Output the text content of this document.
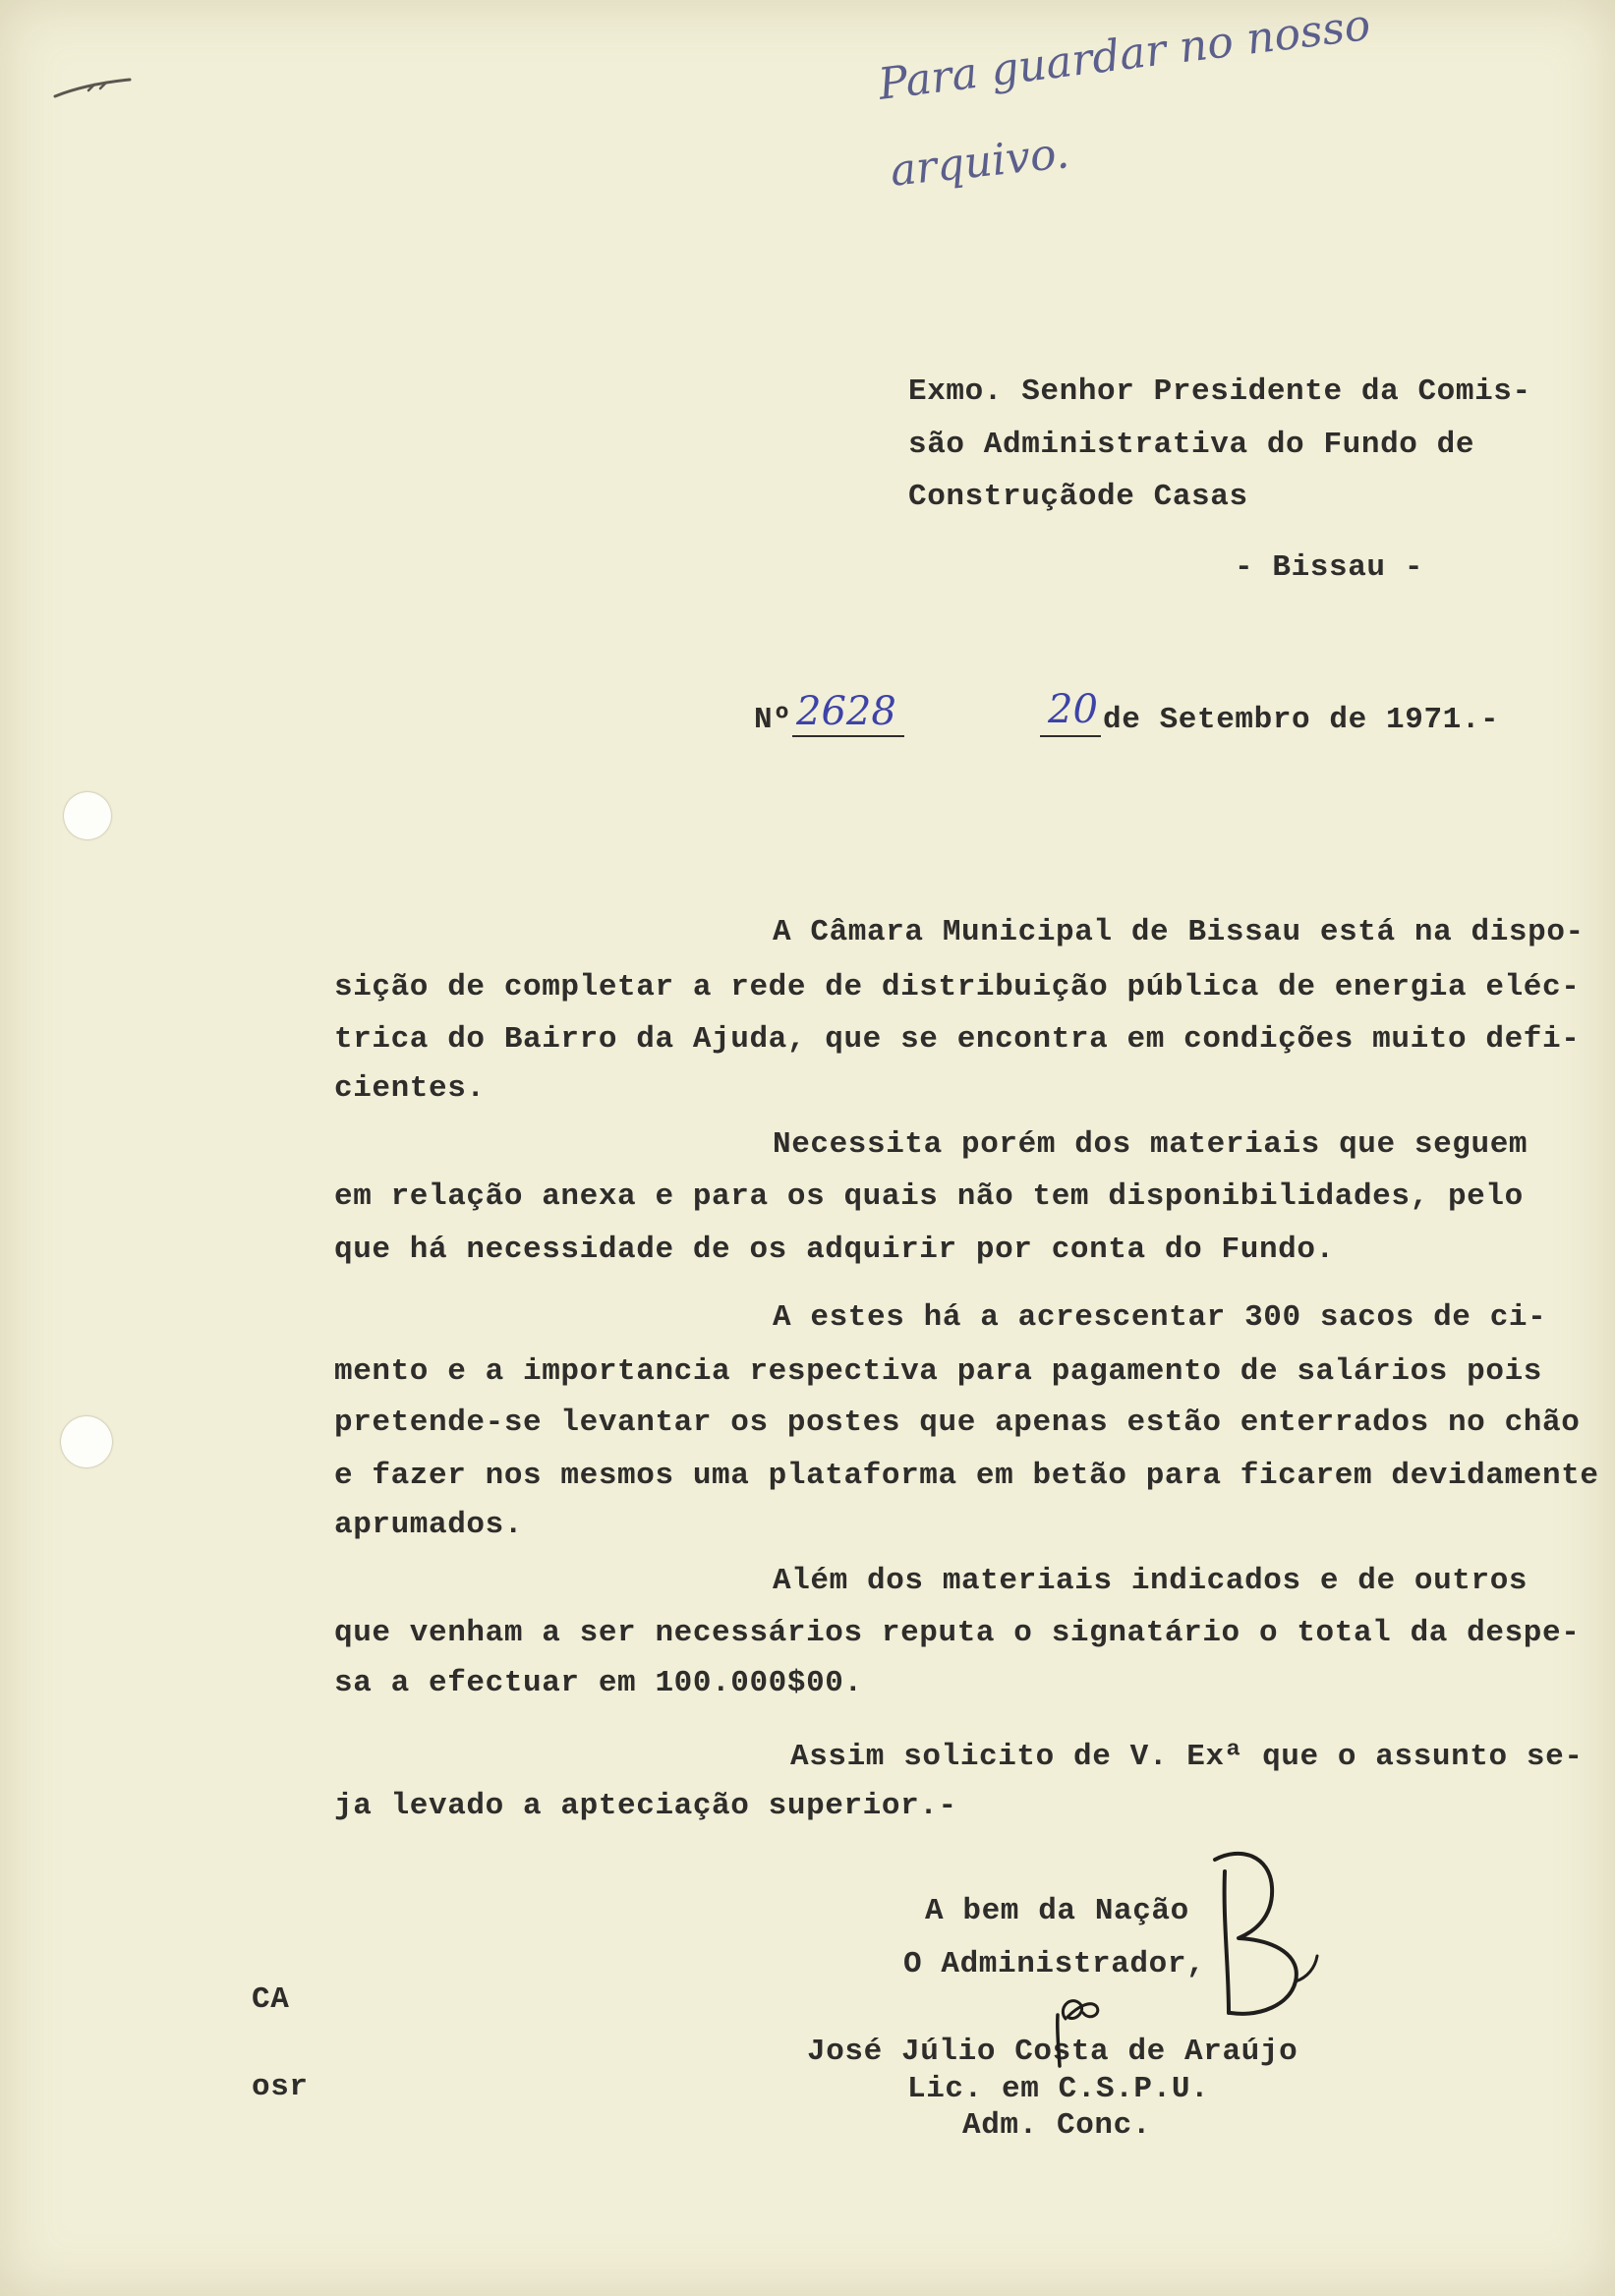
Para guardar no nosso
arquivo.
Exmo. Senhor Presidente da Comis-
são Administrativa do Fundo de
Construçãode Casas
- Bissau -
Nº 2628	20 de Setembro de 1971.-
A Câmara Municipal de Bissau está na dispo-
sição de completar a rede de distribuição pública de energia eléc-
trica do Bairro da Ajuda, que se encontra em condições muito defi-
cientes.
Necessita porém dos materiais que seguem
em relação anexa e para os quais não tem disponibilidades, pelo
que há necessidade de os adquirir por conta do Fundo.
A estes há a acrescentar 300 sacos de ci-
mento e a importancia respectiva para pagamento de salários pois
pretende-se levantar os postes que apenas estão enterrados no chão
e fazer nos mesmos uma plataforma em betão para ficarem devidamente
aprumados.
Além dos materiais indicados e de outros
que venham a ser necessários reputa o signatário o total da despe-
sa a efectuar em 100.000$00.
Assim solicito de V. Exª que o assunto se-
ja levado a apteciação superior.-
A bem da Nação
O Administrador,
José Júlio Costa de Araújo
Lic. em C.S.P.U.
Adm. Conc.
CA
osr
